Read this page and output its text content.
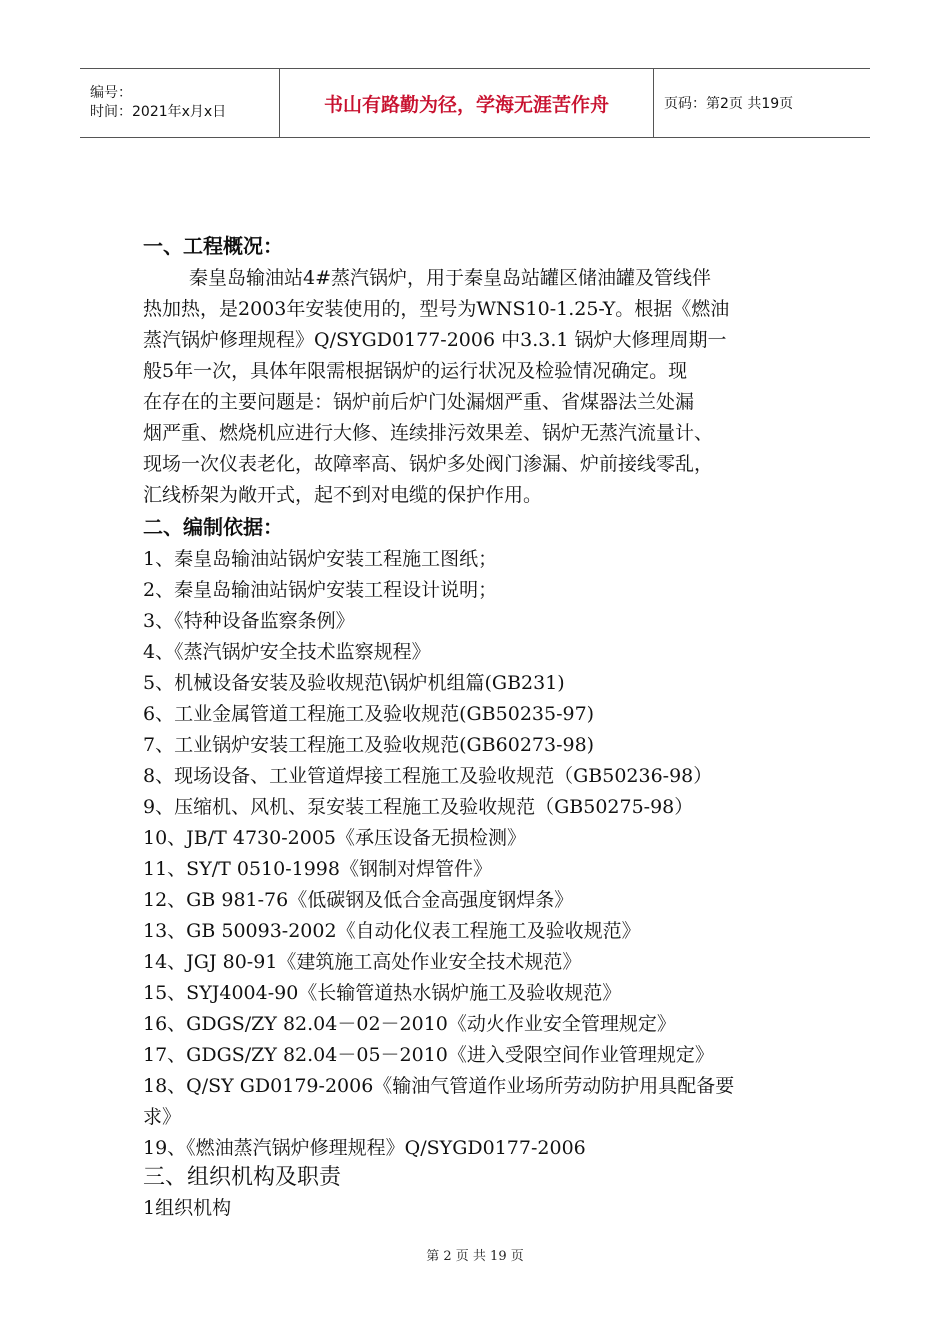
编号：
时间：2021年x月x日	书山有路勤为径，学海无涯苦作舟	页码：第2页 共19页
一、工程概况：
秦皇岛输油站4#蒸汽锅炉，用于秦皇岛站罐区储油罐及管线伴
热加热，是2003年安装使用的，型号为WNS10-1.25-Y。根据《燃油
蒸汽锅炉修理规程》Q/SYGD0177-2006 中3.3.1 锅炉大修理周期一
般5年一次，具体年限需根据锅炉的运行状况及检验情况确定。现
在存在的主要问题是：锅炉前后炉门处漏烟严重、省煤器法兰处漏
烟严重、燃烧机应进行大修、连续排污效果差、锅炉无蒸汽流量计、
现场一次仪表老化，故障率高、锅炉多处阀门渗漏、炉前接线零乱，
汇线桥架为敞开式，起不到对电缆的保护作用。
二、编制依据：
1、秦皇岛输油站锅炉安装工程施工图纸；
2、秦皇岛输油站锅炉安装工程设计说明；
3、《特种设备监察条例》
4、《蒸汽锅炉安全技术监察规程》
5、机械设备安装及验收规范\锅炉机组篇(GB231)
6、工业金属管道工程施工及验收规范(GB50235-97)
7、工业锅炉安装工程施工及验收规范(GB60273-98)
8、现场设备、工业管道焊接工程施工及验收规范（GB50236-98）
9、压缩机、风机、泵安装工程施工及验收规范（GB50275-98）
10、JB/T 4730-2005《承压设备无损检测》
11、SY/T 0510-1998《钢制对焊管件》
12、GB 981-76《低碳钢及低合金高强度钢焊条》
13、GB 50093-2002《自动化仪表工程施工及验收规范》
14、JGJ 80-91《建筑施工高处作业安全技术规范》
15、SYJ4004-90《长输管道热水锅炉施工及验收规范》
16、GDGS/ZY 82.04－02－2010《动火作业安全管理规定》
17、GDGS/ZY 82.04－05－2010《进入受限空间作业管理规定》
18、Q/SY GD0179-2006《输油气管道作业场所劳动防护用具配备要
求》
19、《燃油蒸汽锅炉修理规程》Q/SYGD0177-2006
三、组织机构及职责
1组织机构
第 2 页 共 19 页
